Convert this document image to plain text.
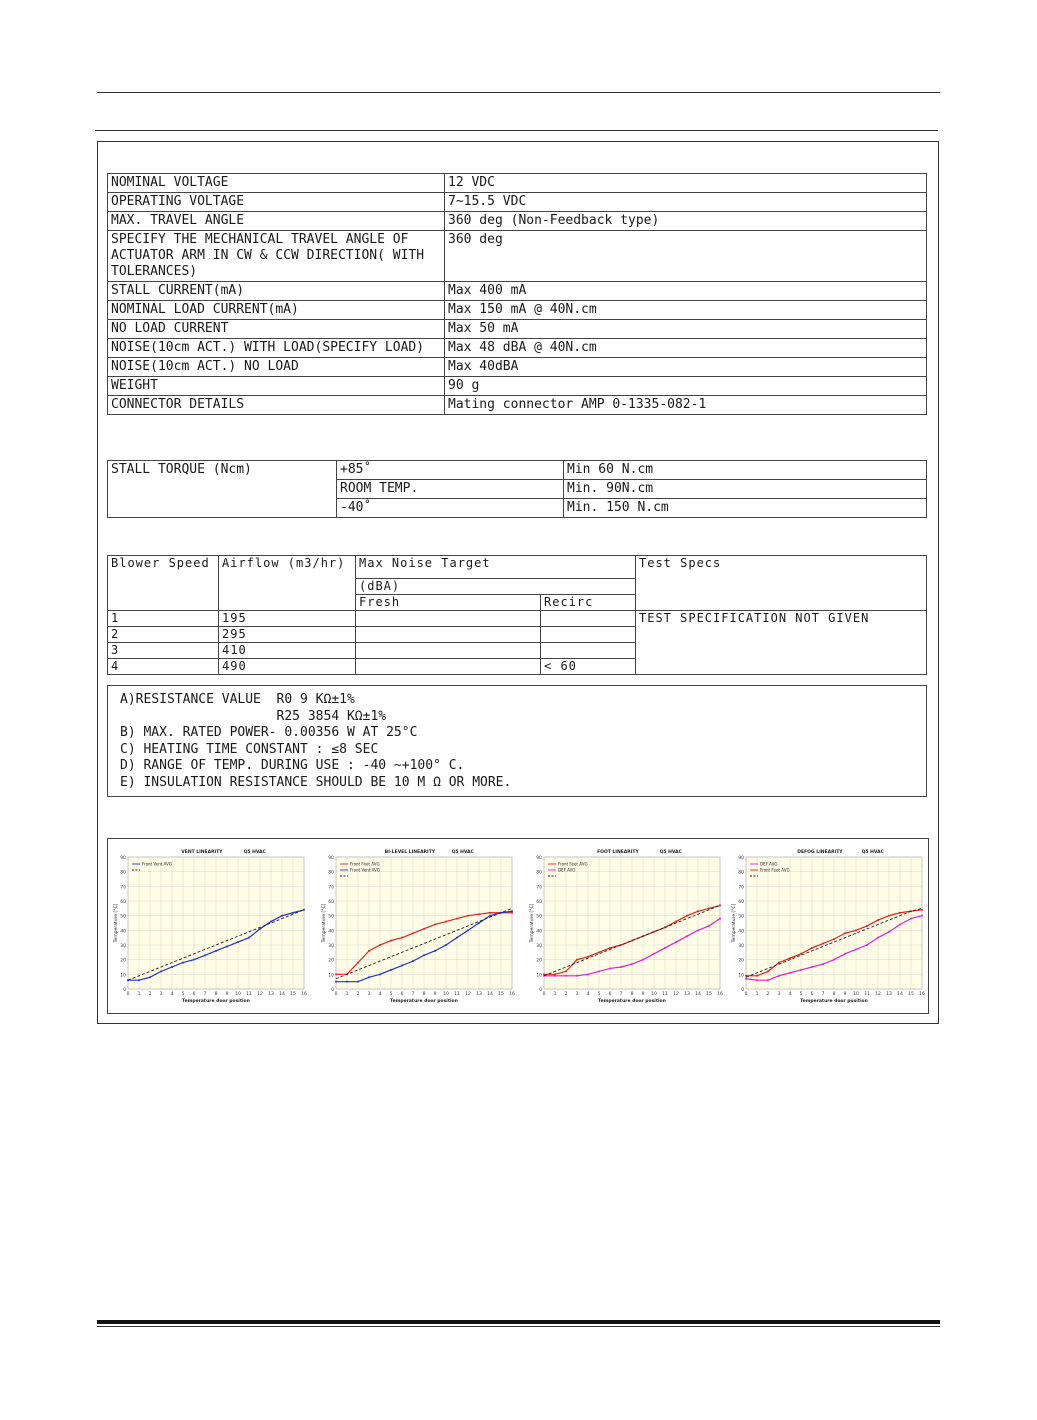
NOMINAL VOLTAGE	12 VDC
OPERATING VOLTAGE	7~15.5 VDC
MAX. TRAVEL ANGLE	360 deg (Non-Feedback type)
SPECIFY THE MECHANICAL TRAVEL ANGLE OF ACTUATOR ARM IN CW & CCW DIRECTION( WITH TOLERANCES)	360 deg
STALL CURRENT(mA)	Max 400 mA
NOMINAL LOAD CURRENT(mA)	Max 150 mA @ 40N.cm
NO LOAD CURRENT	Max 50 mA
NOISE(10cm ACT.) WITH LOAD(SPECIFY LOAD)	Max 48 dBA @ 40N.cm
NOISE(10cm ACT.) NO LOAD	Max 40dBA
WEIGHT	90 g
CONNECTOR DETAILS	Mating connector AMP 0-1335-082-1
STALL TORQUE (Ncm)	+85˚	Min 60 N.cm
	ROOM TEMP.	Min. 90N.cm
	-40˚	Min. 150 N.cm
Blower Speed	Airflow (m3/hr)	Max Noise Target		Test Specs
		(dBA)		
		Fresh	Recirc	
1	195			TEST SPECIFICATION NOT GIVEN
2	295			
3	410			
4	490		< 60	
A)RESISTANCE VALUE  R0 9 KΩ±1%
R25 3854 KΩ±1%
B) MAX. RATED POWER- 0.00356 W AT 25°C
C) HEATING TIME CONSTANT : ≤8 SEC
D) RANGE OF TEMP. DURING USE : -40 ~+100° C.
E) INSULATION RESISTANCE SHOULD BE 10 M Ω OR MORE.
0
10
20
30
40
50
60
70
80
90
0 1 2 3 4 5 6 7 8 9 10 11 12 13 14 15 16
VENT LINEARITY	Q5 HVAC
Temperature door position
Temperature [°C]
Front Vent AVG
0
10
20
30
40
50
60
70
80
90
0 1 2 3 4 5 6 7 8 9 10 11 12 13 14 15 16
BI-LEVEL LINEARITY	Q5 HVAC
Temperature door position
Temperature [°C]
Front Feet AVG
Front Vent AVG
0
10
20
30
40
50
60
70
80
90
0 1 2 3 4 5 6 7 8 9 10 11 12 13 14 15 16
FOOT LINEARITY	Q5 HVAC
Temperature door position
Temperature [°C]
Front Feet AVG
DEF AVG
0
10
20
30
40
50
60
70
80
90
0 1 2 3 4 5 6 7 8 9 10 11 12 13 14 15 16
DEFOG LINEARITY	Q5 HVAC
Temperature door position
Temperature [°C]
DEF AVG
Front Feet AVG
